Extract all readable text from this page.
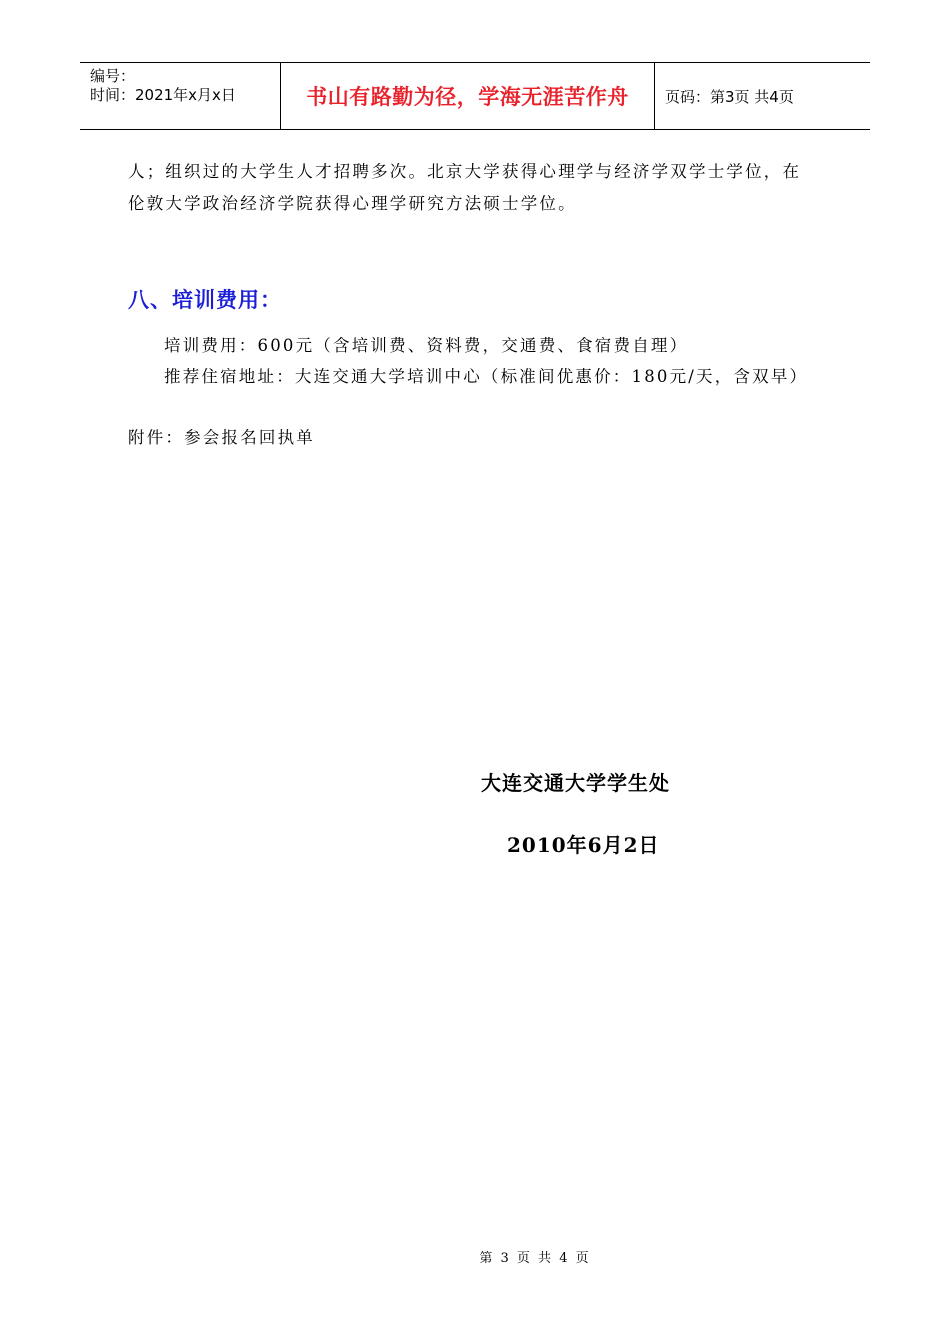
编号：
时间：2021年x月x日	书山有路勤为径，学海无涯苦作舟	页码：第3页 共4页
人；组织过的大学生人才招聘多次。北京大学获得心理学与经济学双学士学位，在
伦敦大学政治经济学院获得心理学研究方法硕士学位。
八、培训费用：
培训费用：600元（含培训费、资料费，交通费、食宿费自理）
推荐住宿地址：大连交通大学培训中心（标准间优惠价：180元/天，含双早）
附件：参会报名回执单
大连交通大学学生处
2010年6月2日
第 3 页 共 4 页
